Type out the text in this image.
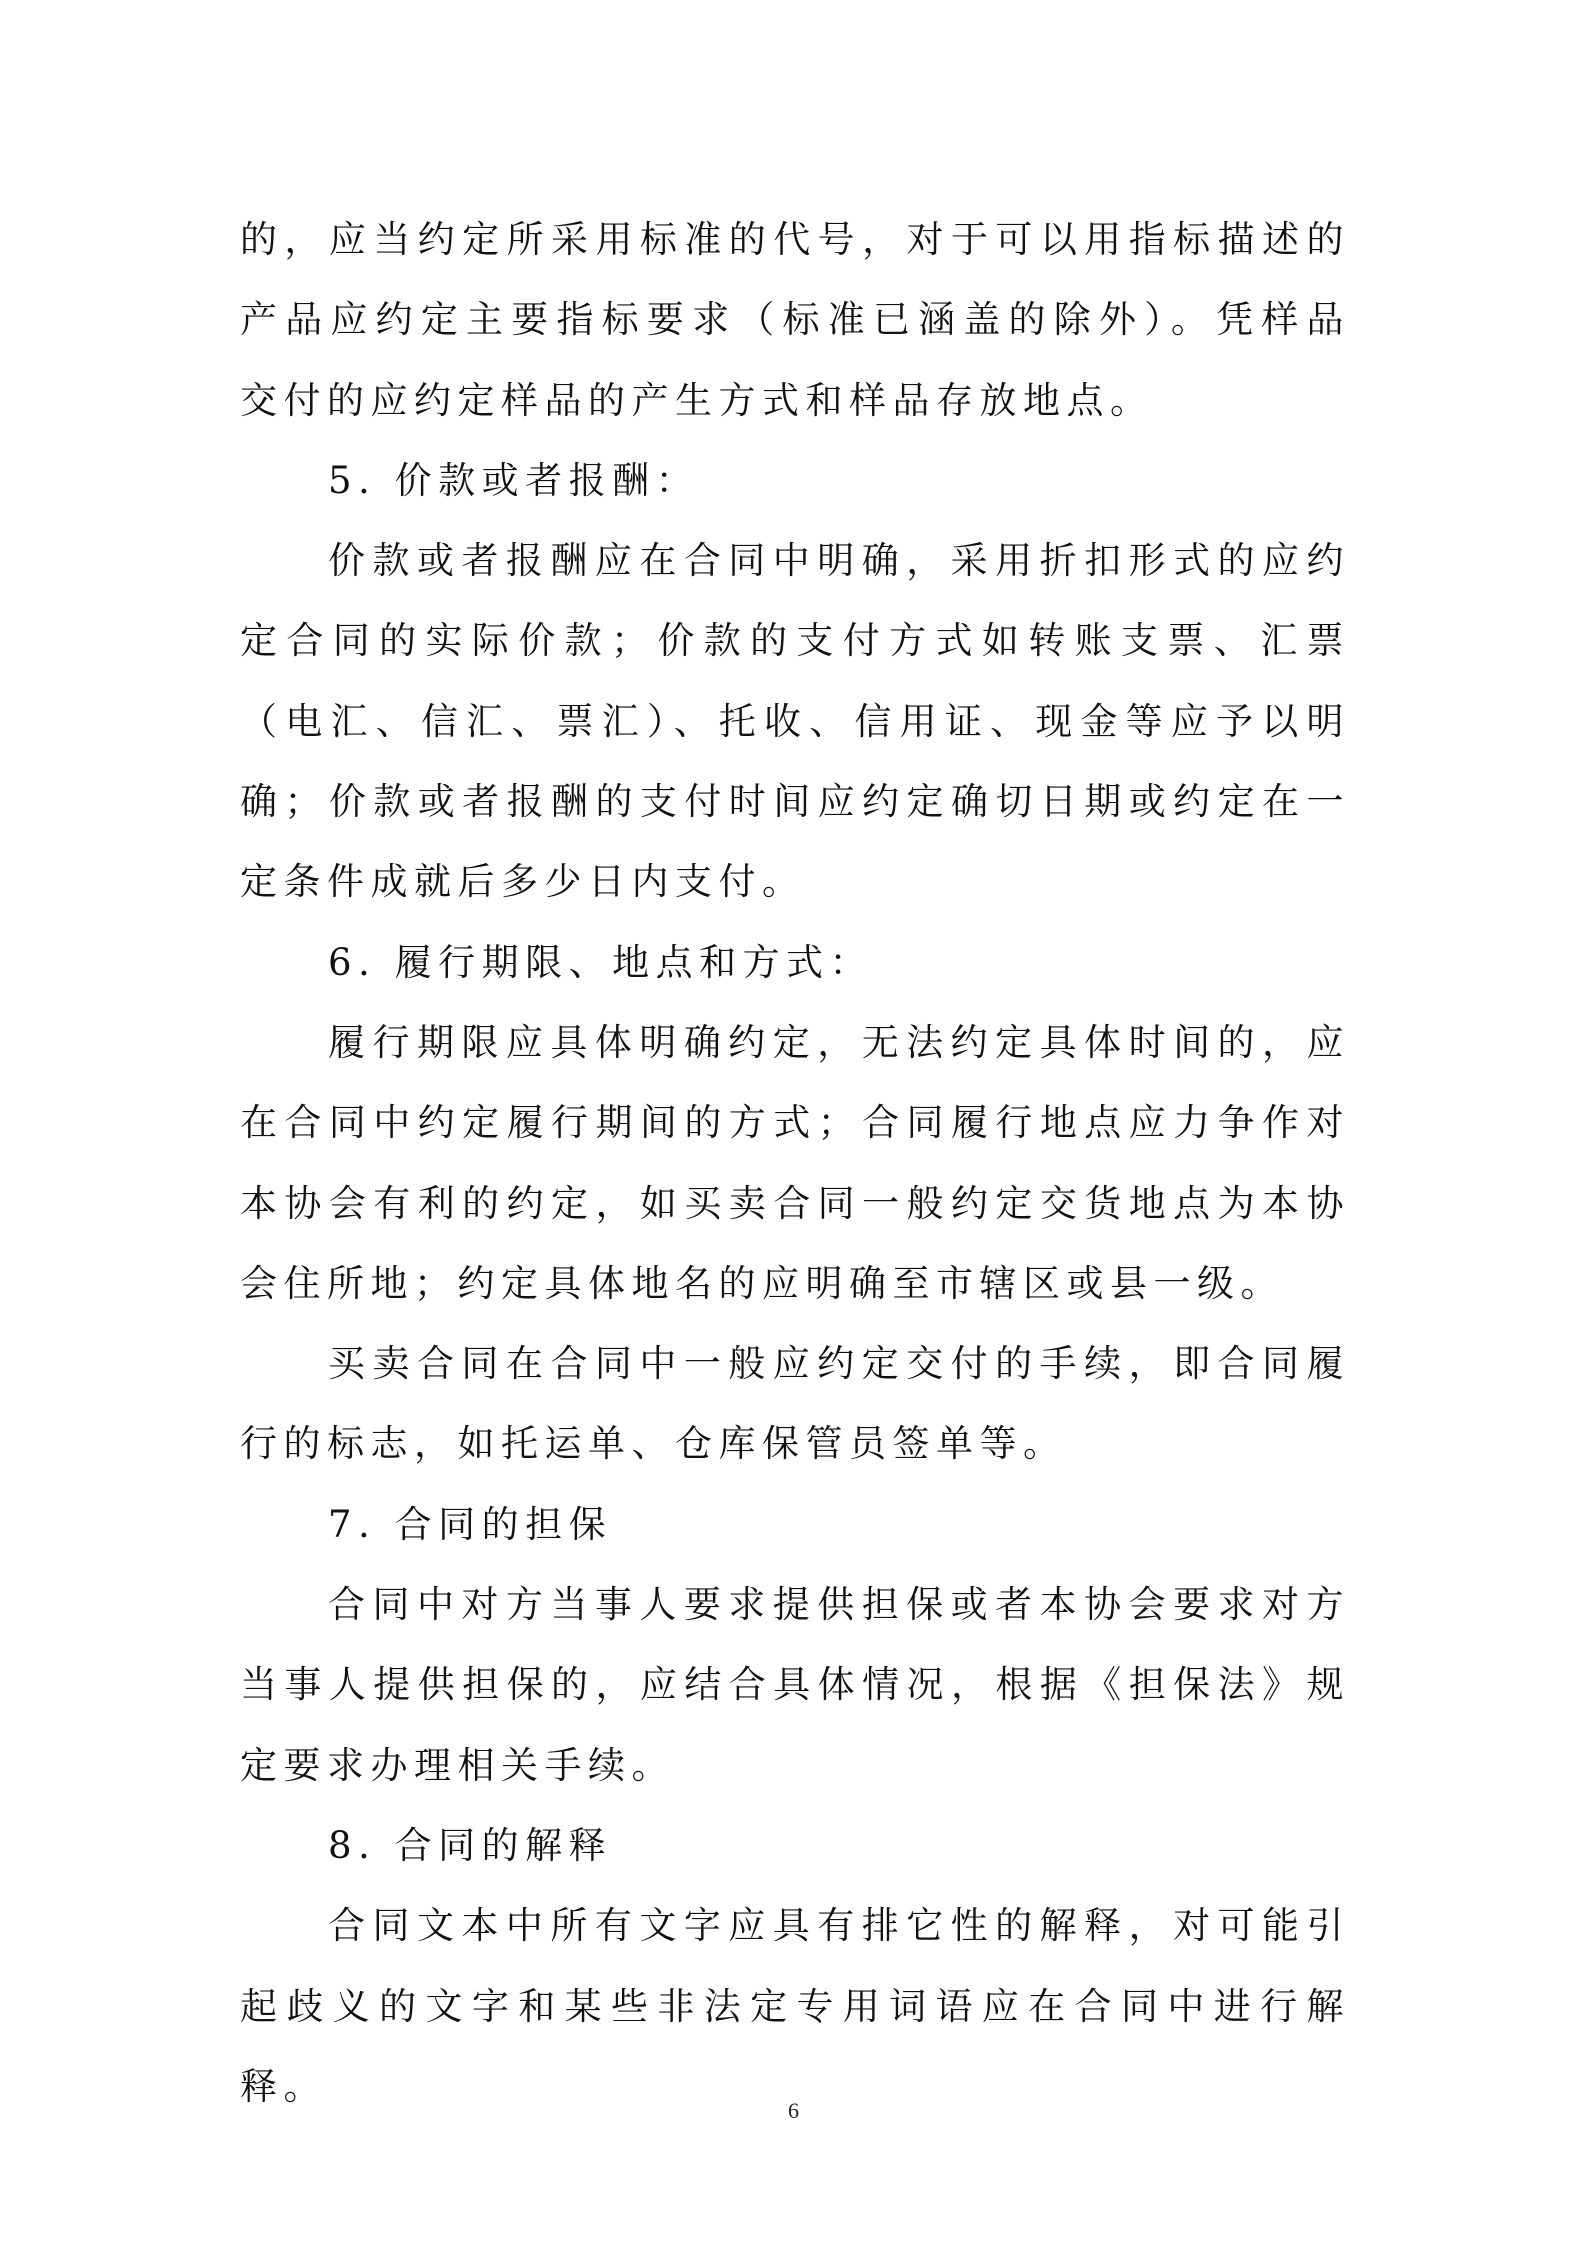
的，应当约定所采用标准的代号，对于可以用指标描述的产品应约定主要指标要求（标准已涵盖的除外）。凭样品交付的应约定样品的产生方式和样品存放地点。

5. 价款或者报酬：

价款或者报酬应在合同中明确，采用折扣形式的应约定合同的实际价款；价款的支付方式如转账支票、汇票（电汇、信汇、票汇）、托收、信用证、现金等应予以明确；价款或者报酬的支付时间应约定确切日期或约定在一定条件成就后多少日内支付。

6. 履行期限、地点和方式：

履行期限应具体明确约定，无法约定具体时间的，应在合同中约定履行期间的方式；合同履行地点应力争作对本协会有利的约定，如买卖合同一般约定交货地点为本协会住所地；约定具体地名的应明确至市辖区或县一级。

买卖合同在合同中一般应约定交付的手续，即合同履行的标志，如托运单、仓库保管员签单等。

7. 合同的担保

合同中对方当事人要求提供担保或者本协会要求对方当事人提供担保的，应结合具体情况，根据《担保法》规定要求办理相关手续。

8. 合同的解释

合同文本中所有文字应具有排它性的解释，对可能引起歧义的文字和某些非法定专用词语应在合同中进行解释。

6
